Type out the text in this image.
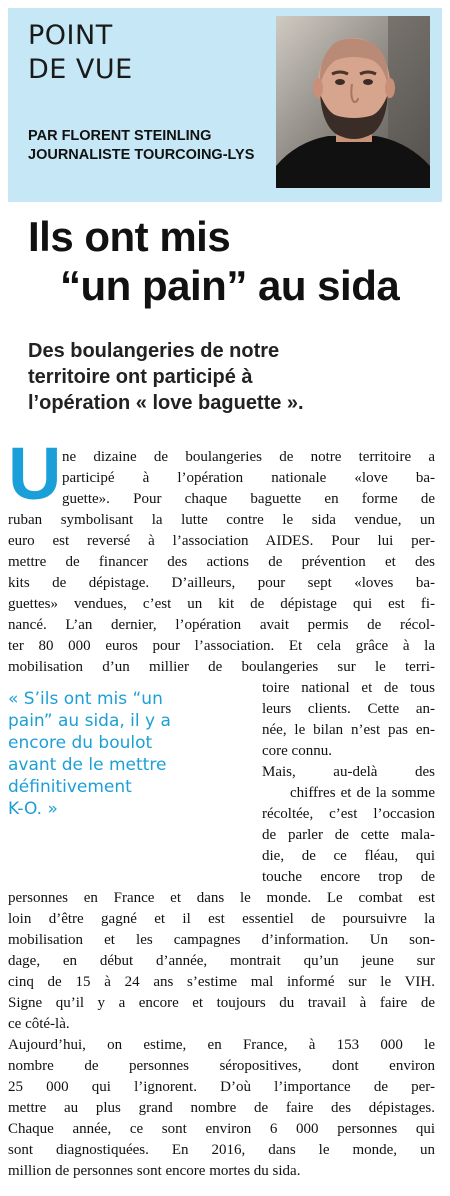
POINT
DE VUE
PAR FLORENT STEINLING
JOURNALISTE TOURCOING-LYS
Ils ont mis
“un pain” au sida
Des boulangeries de notre
territoire ont participé à
l’opération « love baguette ».
U ne dizaine de boulangeries de notre territoire a
participé à l’opération nationale «love ba-
guette». Pour chaque baguette en forme de
ruban symbolisant la lutte contre le sida vendue, un
euro est reversé à l’association AIDES. Pour lui per-
mettre de financer des actions de prévention et des
kits de dépistage. D’ailleurs, pour sept «loves ba-
guettes» vendues, c’est un kit de dépistage qui est fi-
nancé. L’an dernier, l’opération avait permis de récol-
ter 80 000 euros pour l’association. Et cela grâce à la
mobilisation d’un millier de boulangeries sur le terri-
toire national et de tous
leurs clients. Cette an-
née, le bilan n’est pas en-
core connu.
Mais, au-delà des
chiffres et de la somme
récoltée, c’est l’occasion
de parler de cette mala-
die, de ce fléau, qui
touche encore trop de
personnes en France et dans le monde. Le combat est
loin d’être gagné et il est essentiel de poursuivre la
mobilisation et les campagnes d’information. Un son-
dage, en début d’année, montrait qu’un jeune sur
cinq de 15 à 24 ans s’estime mal informé sur le VIH.
Signe qu’il y a encore et toujours du travail à faire de
ce côté-là.
Aujourd’hui, on estime, en France, à 153 000 le
nombre de personnes séropositives, dont environ
25 000 qui l’ignorent. D’où l’importance de per-
mettre au plus grand nombre de faire des dépistages.
Chaque année, ce sont environ 6 000 personnes qui
sont diagnostiquées. En 2016, dans le monde, un
million de personnes sont encore mortes du sida.
« S’ils ont mis “un
pain” au sida, il y a
encore du boulot
avant de le mettre
définitivement
K-O. »
